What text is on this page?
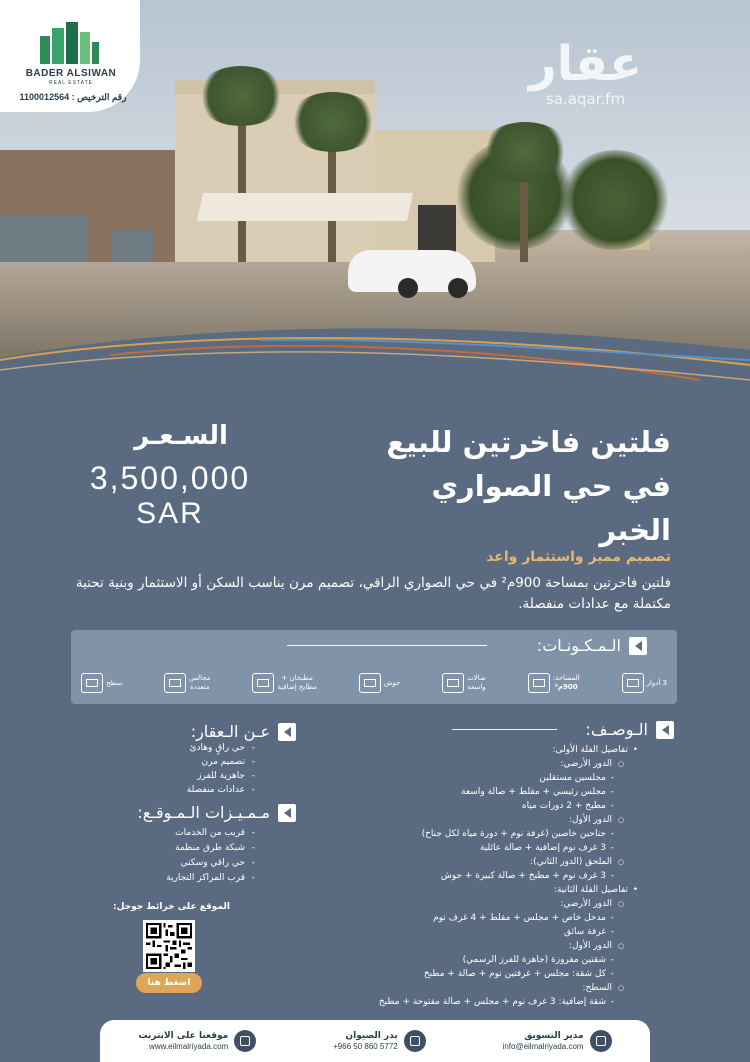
عقار
sa.aqar.fm
BADER ALSIWAN
REAL ESTATE
رقم الترخيص : 1100012564
فلتين فاخرتين للبيع
في حي الصواري
الخبر
السـعـر
3,500,000
SAR
تصميم مميز واستثمار واعد
فلتين فاخرتين بمساحة 900م² في حي الصواري الراقي، تصميم مرن يناسب السكن أو الاستثمار وبنية تحتية مكتملة مع عدادات منفصلة.
الـمـكـونـات:
3 أدوار
المساحة:
900م²
صالات
واسعة
حوش
مطبخان +
مطابخ إضافية
مجالس
متعددة
سطح
الـوصـف:
• تفاصيل الفلة الأولى:
○ الدور الأرضي:
- مجلسين مستقلين
- مجلس رئيسي + مقلط + صالة واسعة
- مطبخ + 2 دورات مياه
○ الدور الأول:
- جناحين خاصين (غرفة نوم + دورة مياه لكل جناح)
- 3 غرف نوم إضافية + صالة عائلية
○ الملحق (الدور الثاني):
- 3 غرف نوم + مطبخ + صالة كبيرة + حوش
• تفاصيل الفلة الثانية:
○ الدور الأرضي:
- مدخل خاص + مجلس + مقلط + 4 غرف نوم
- غرفة سائق
○ الدور الأول:
- شقتين مفروزة (جاهزة للفرز الرسمي)
- كل شقة: مجلس + غرفتين نوم + صالة + مطبخ
○ السطح:
- شقة إضافية: 3 غرف نوم + مجلس + صالة مفتوحة + مطبخ
عـن الـعقار:
- حي راقٍ وهادئ
- تصميم مرن
- جاهزية للفرز
- عدادات منفصلة
مـمـيـزات الـمـوقـع:
- قريب من الخدمات
- شبكة طرق منظمة
- حي راقي وسكني
- قرب المراكز التجارية
الموقع على خرائط جوجل:
اضغط هنا
مدير التسويق
info@eilmalriyada.com
بدر الصيوان
+966 50 860 5772
موقعنا على الانترنت
www.eilmalriyada.com
